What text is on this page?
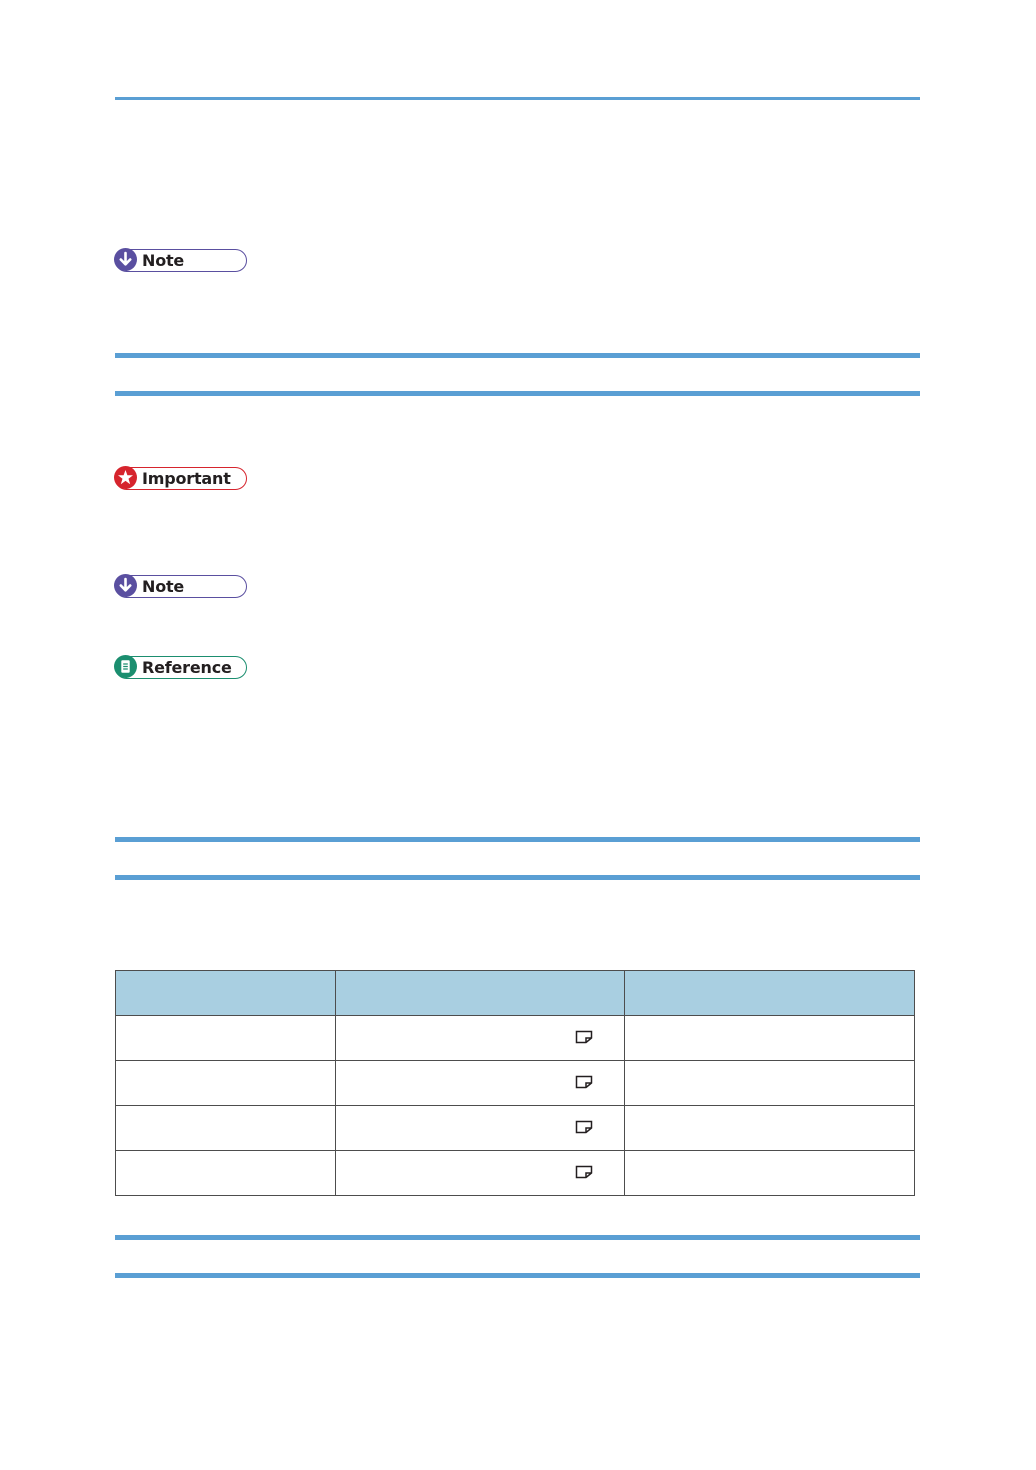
Note
Important
Note
Reference
